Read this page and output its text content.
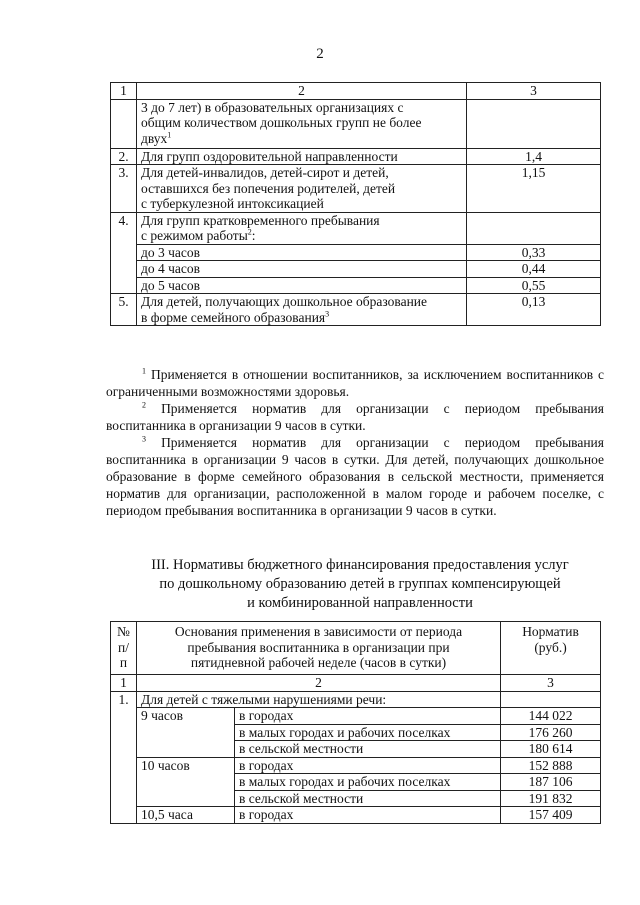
2
1	2	3
	3 до 7 лет) в образовательных организациях с
общим количеством дошкольных групп не более
двух$^1$	
2.	Для групп оздоровительной направленности	1,4
3.	Для детей-инвалидов, детей-сирот и детей,
оставшихся без попечения родителей, детей
с туберкулезной интоксикацией	1,15
4.	Для групп кратковременного пребывания
с режимом работы$^2$:	
	до 3 часов	0,33
	до 4 часов	0,44
	до 5 часов	0,55
5.	Для детей, получающих дошкольное образование
в форме семейного образования$^3$	0,13

$^1$ Применяется в отношении воспитанников, за исключением воспитанников с ограниченными возможностями здоровья.

$^2$ Применяется норматив для организации с периодом пребывания воспитанника в организации 9 часов в сутки.

$^3$ Применяется норматив для организации с периодом пребывания воспитанника в организации 9 часов в сутки. Для детей, получающих дошкольное образование в форме семейного образования в сельской местности, применяется норматив для организации, расположенной в малом городе и рабочем поселке, с периодом пребывания воспитанника в организации 9 часов в сутки.

III. Нормативы бюджетного финансирования предоставления услуг
по дошкольному образованию детей в группах компенсирующей
и комбинированной направленности
№
п/п	Основания применения в зависимости от периода
пребывания воспитанника в организации при
пятидневной рабочей неделе (часов в сутки)		Норматив
(руб.)
1	2		3
1.	Для детей с тяжелыми нарушениями речи:		
	9 часов	в городах	144 022
		в малых городах и рабочих поселках	176 260
		в сельской местности	180 614
	10 часов	в городах	152 888
		в малых городах и рабочих поселках	187 106
		в сельской местности	191 832
	10,5 часа	в городах	157 409
